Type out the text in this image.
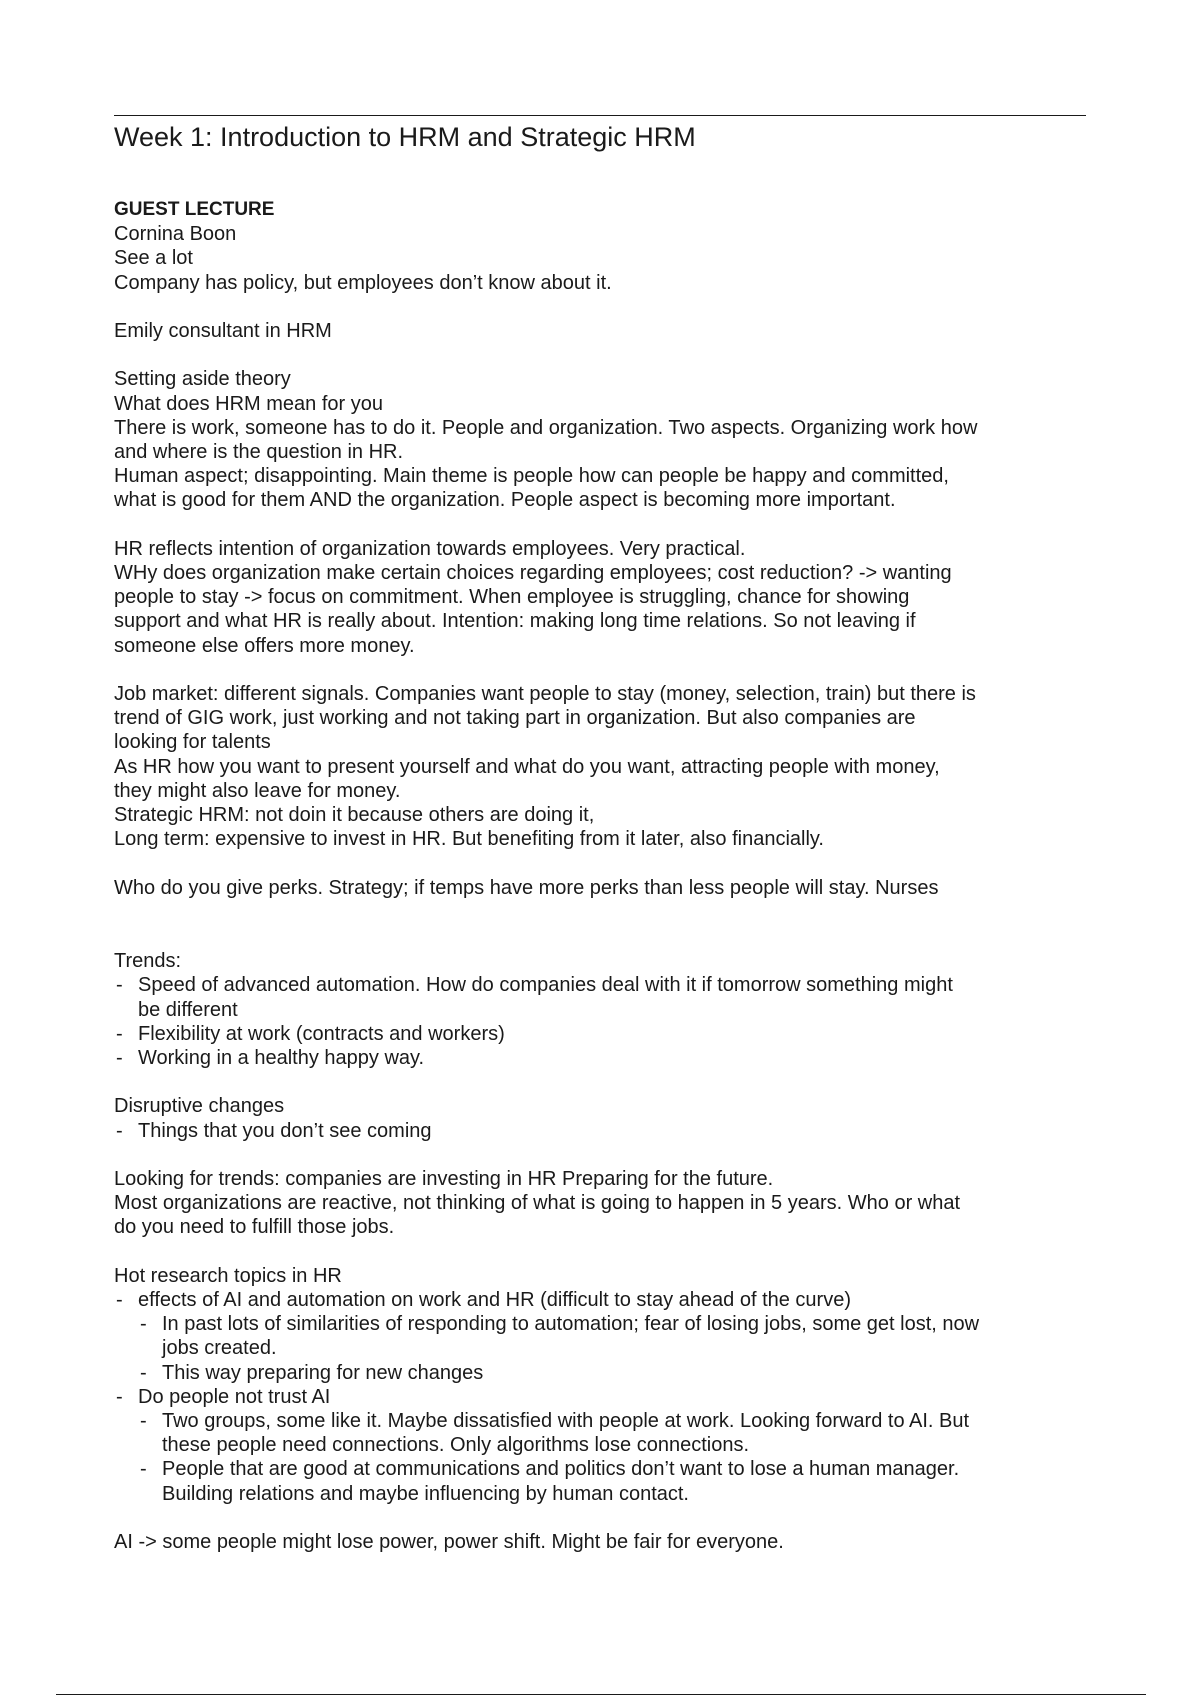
Week 1: Introduction to HRM and Strategic HRM
GUEST LECTURE
Cornina Boon
See a lot
Company has policy, but employees don’t know about it.
Emily consultant in HRM
Setting aside theory
What does HRM mean for you
There is work, someone has to do it. People and organization. Two aspects. Organizing work how
and where is the question in HR.
Human aspect; disappointing. Main theme is people how can people be happy and committed,
what is good for them AND the organization. People aspect is becoming more important.
HR reflects intention of organization towards employees. Very practical.
WHy does organization make certain choices regarding employees; cost reduction? -> wanting
people to stay -> focus on commitment. When employee is struggling, chance for showing
support and what HR is really about. Intention: making long time relations. So not leaving if
someone else offers more money.
Job market: different signals. Companies want people to stay (money, selection, train) but there is
trend of GIG work, just working and not taking part in organization. But also companies are
looking for talents
As HR how you want to present yourself and what do you want, attracting people with money,
they might also leave for money.
Strategic HRM: not doin it because others are doing it,
Long term: expensive to invest in HR. But benefiting from it later, also financially.
Who do you give perks. Strategy; if temps have more perks than less people will stay. Nurses
Trends:
- Speed of advanced automation. How do companies deal with it if tomorrow something might
be different
- Flexibility at work (contracts and workers)
- Working in a healthy happy way.
Disruptive changes
- Things that you don’t see coming
Looking for trends: companies are investing in HR Preparing for the future.
Most organizations are reactive, not thinking of what is going to happen in 5 years. Who or what
do you need to fulfill those jobs.
Hot research topics in HR
- effects of AI and automation on work and HR (difficult to stay ahead of the curve)
- In past lots of similarities of responding to automation; fear of losing jobs, some get lost, now
jobs created.
- This way preparing for new changes
- Do people not trust AI
- Two groups, some like it. Maybe dissatisfied with people at work. Looking forward to AI. But
these people need connections. Only algorithms lose connections.
- People that are good at communications and politics don’t want to lose a human manager.
Building relations and maybe influencing by human contact.
AI -> some people might lose power, power shift. Might be fair for everyone.
